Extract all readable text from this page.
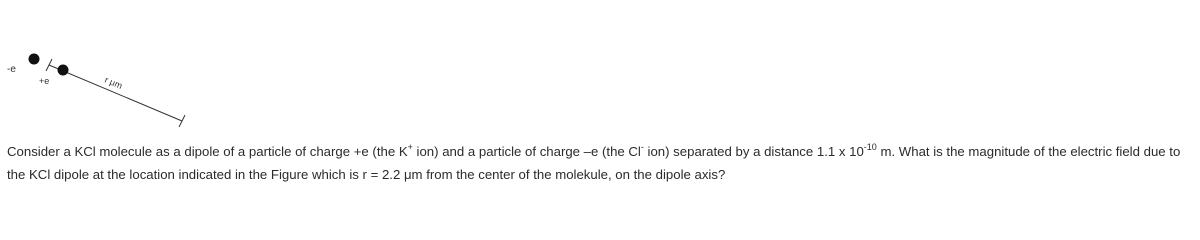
-e
+e	r μm

Consider a KCl molecule as a dipole of a particle of charge +e (the K+ ion) and a particle of charge –e (the Cl- ion) separated by a distance 1.1 x $10^{-10}$ m. What is the magnitude of the electric field due to the KCl dipole at the location indicated in the Figure which is r = 2.2 μm from the center of the molekule, on the dipole axis?
